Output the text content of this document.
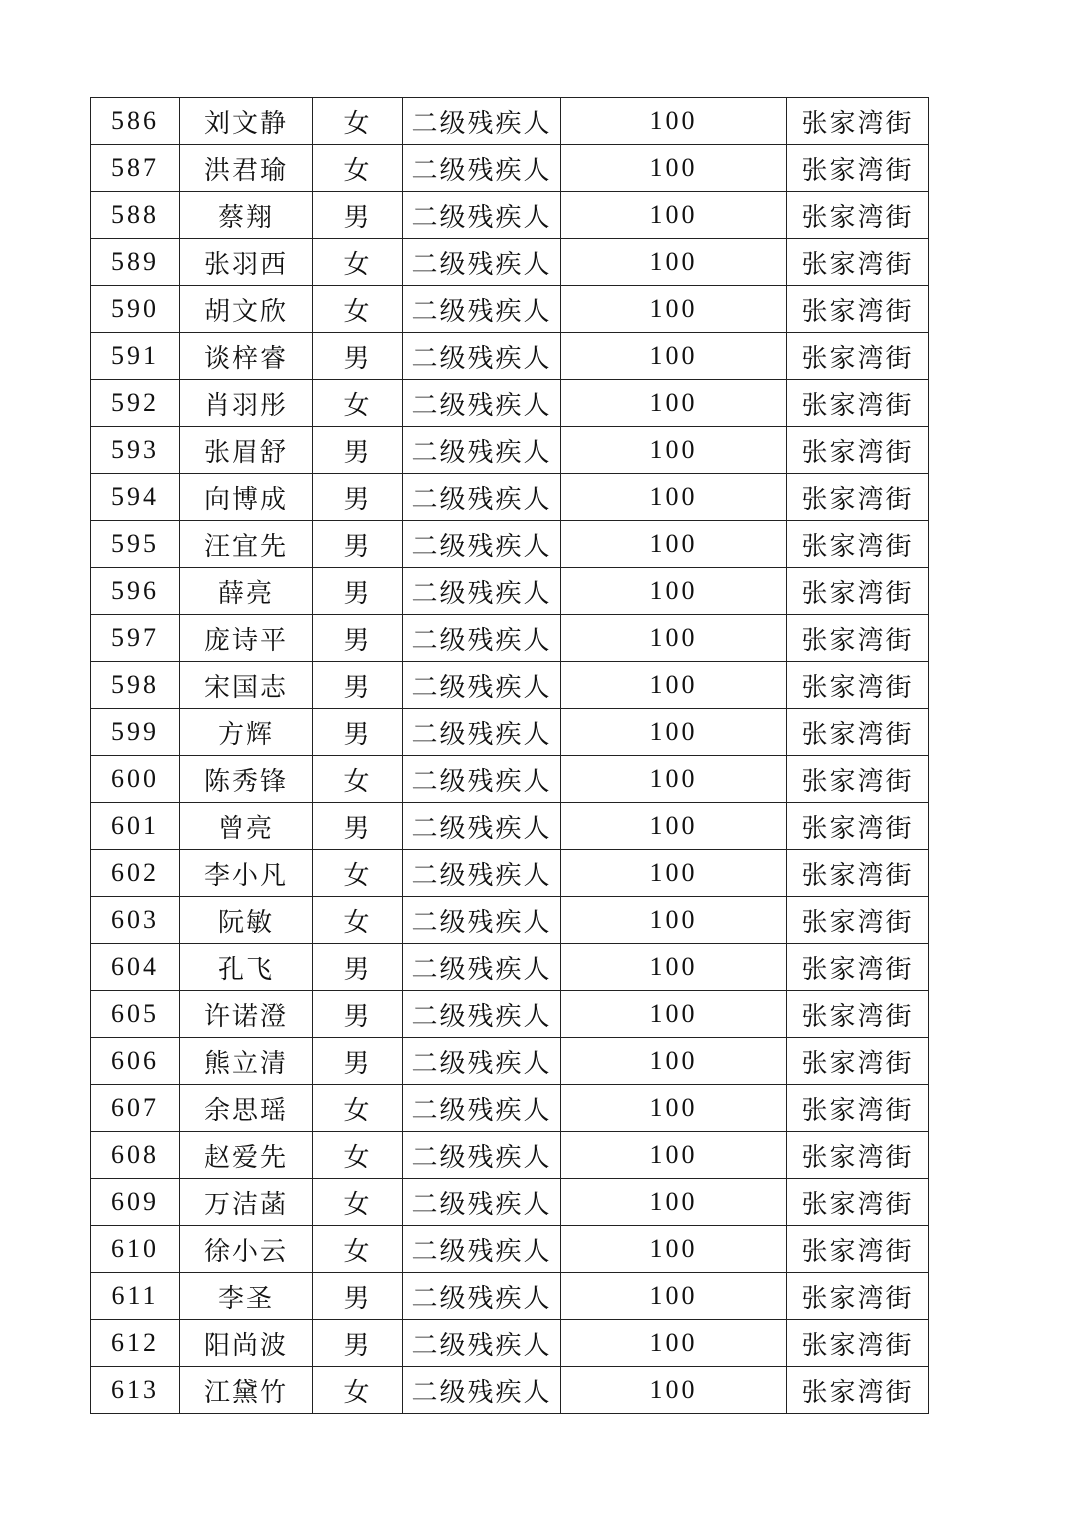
586	刘文静	女	二级残疾人	100	张家湾街
587	洪君瑜	女	二级残疾人	100	张家湾街
588	蔡翔	男	二级残疾人	100	张家湾街
589	张羽西	女	二级残疾人	100	张家湾街
590	胡文欣	女	二级残疾人	100	张家湾街
591	谈梓睿	男	二级残疾人	100	张家湾街
592	肖羽彤	女	二级残疾人	100	张家湾街
593	张眉舒	男	二级残疾人	100	张家湾街
594	向博成	男	二级残疾人	100	张家湾街
595	汪宜先	男	二级残疾人	100	张家湾街
596	薛亮	男	二级残疾人	100	张家湾街
597	庞诗平	男	二级残疾人	100	张家湾街
598	宋国志	男	二级残疾人	100	张家湾街
599	方辉	男	二级残疾人	100	张家湾街
600	陈秀锋	女	二级残疾人	100	张家湾街
601	曾亮	男	二级残疾人	100	张家湾街
602	李小凡	女	二级残疾人	100	张家湾街
603	阮敏	女	二级残疾人	100	张家湾街
604	孔飞	男	二级残疾人	100	张家湾街
605	许诺澄	男	二级残疾人	100	张家湾街
606	熊立清	男	二级残疾人	100	张家湾街
607	余思瑶	女	二级残疾人	100	张家湾街
608	赵爱先	女	二级残疾人	100	张家湾街
609	万洁菡	女	二级残疾人	100	张家湾街
610	徐小云	女	二级残疾人	100	张家湾街
611	李圣	男	二级残疾人	100	张家湾街
612	阳尚波	男	二级残疾人	100	张家湾街
613	江黛竹	女	二级残疾人	100	张家湾街
